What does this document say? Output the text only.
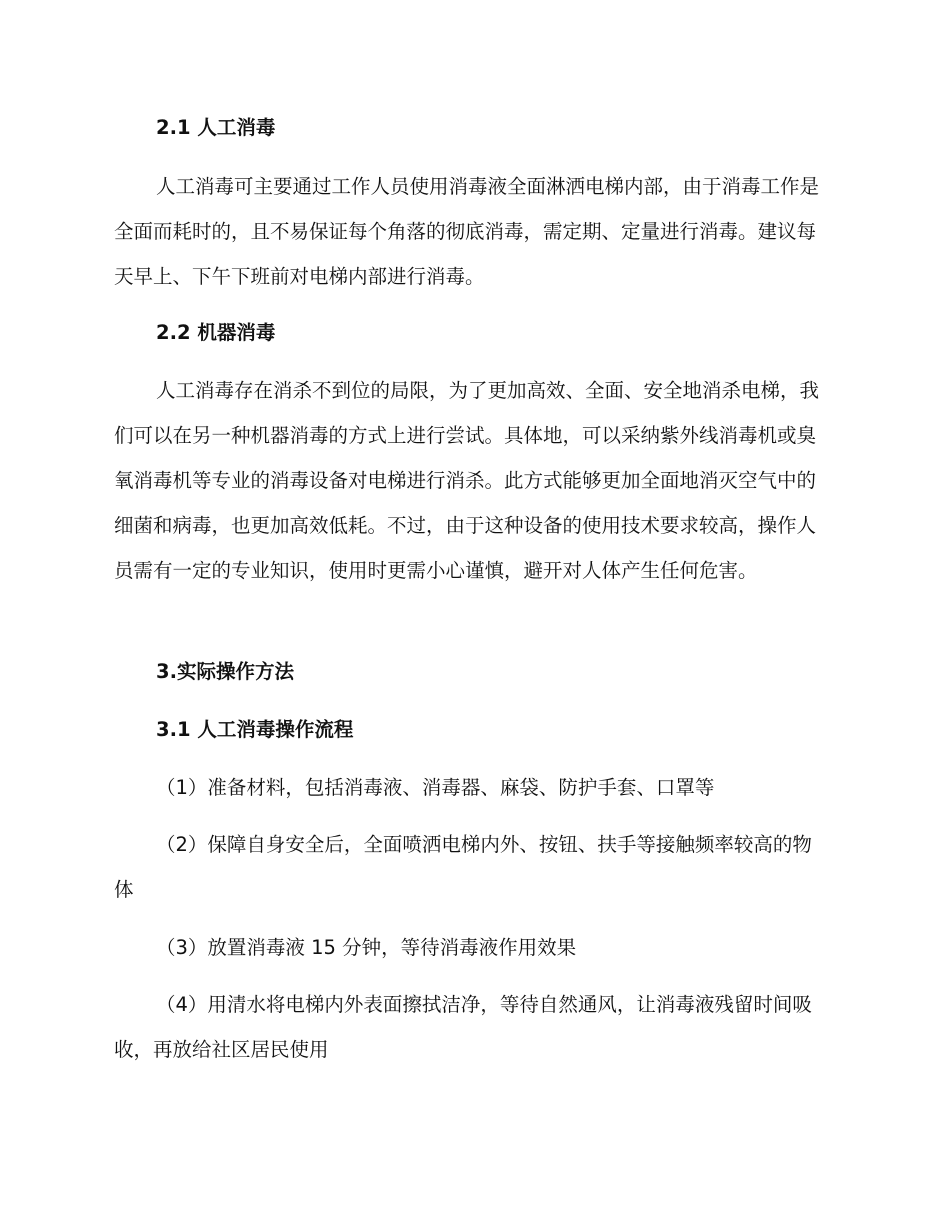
2.1 人工消毒

人工消毒可主要通过工作人员使用消毒液全面淋洒电梯内部，由于消毒工作是全面而耗时的，且不易保证每个角落的彻底消毒，需定期、定量进行消毒。建议每天早上、下午下班前对电梯内部进行消毒。

2.2 机器消毒

人工消毒存在消杀不到位的局限，为了更加高效、全面、安全地消杀电梯，我们可以在另一种机器消毒的方式上进行尝试。具体地，可以采纳紫外线消毒机或臭氧消毒机等专业的消毒设备对电梯进行消杀。此方式能够更加全面地消灭空气中的细菌和病毒，也更加高效低耗。不过，由于这种设备的使用技术要求较高，操作人员需有一定的专业知识，使用时更需小心谨慎，避开对人体产生任何危害。

3.实际操作方法
3.1 人工消毒操作流程

（1）准备材料，包括消毒液、消毒器、麻袋、防护手套、口罩等

（2）保障自身安全后，全面喷洒电梯内外、按钮、扶手等接触频率较高的物体

（3）放置消毒液 15 分钟，等待消毒液作用效果

（4）用清水将电梯内外表面擦拭洁净，等待自然通风，让消毒液残留时间吸收，再放给社区居民使用
